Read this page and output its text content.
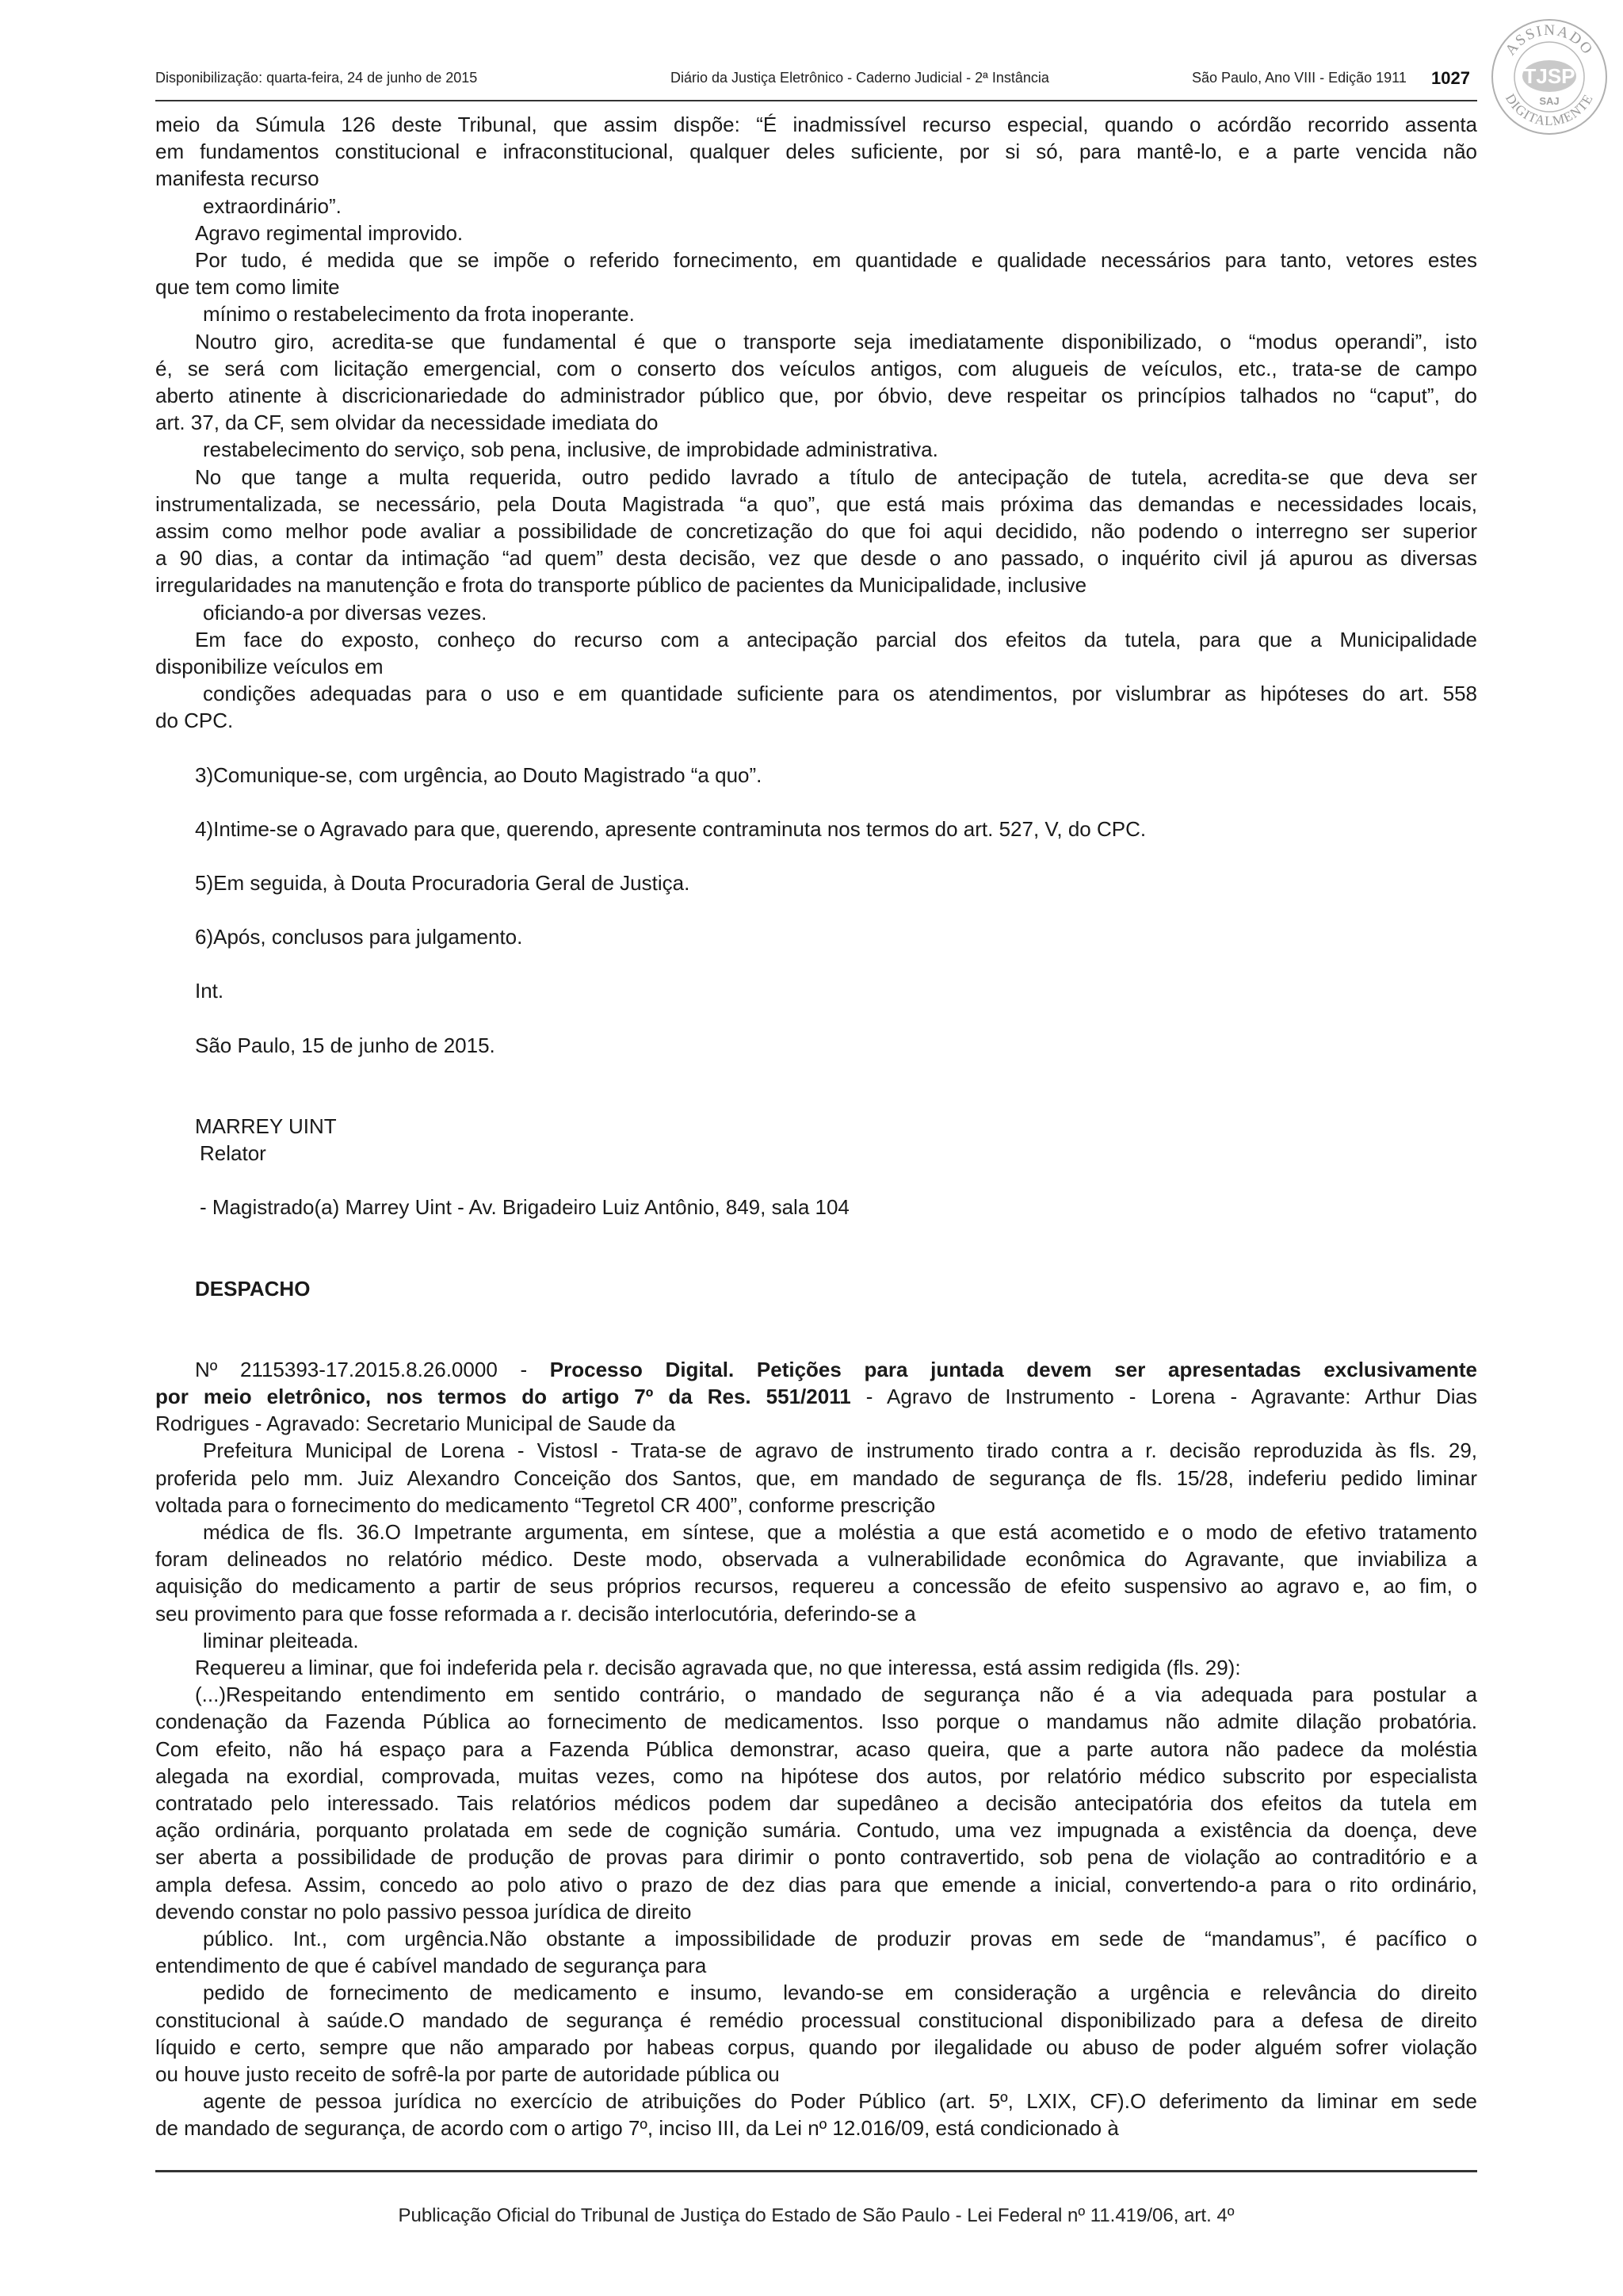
Disponibilização: quarta-feira, 24 de junho de 2015	Diário da Justiça Eletrônico - Caderno Judicial - 2ª Instância	São Paulo, Ano VIII - Edição 1911 1027
ASSINADO
DIGITALMENTE
TJSP
SAJ

meio da Súmula 126 deste Tribunal, que assim dispõe: “É inadmissível recurso especial, quando o acórdão recorrido assenta

em fundamentos constitucional e infraconstitucional, qualquer deles suficiente, por si só, para mantê-lo, e a parte vencida não

manifesta recurso

extraordinário”.

Agravo regimental improvido.

Por tudo, é medida que se impõe o referido fornecimento, em quantidade e qualidade necessários para tanto, vetores estes

que tem como limite

mínimo o restabelecimento da frota inoperante.

Noutro giro, acredita-se que fundamental é que o transporte seja imediatamente disponibilizado, o “modus operandi”, isto

é, se será com licitação emergencial, com o conserto dos veículos antigos, com alugueis de veículos, etc., trata-se de campo

aberto atinente à discricionariedade do administrador público que, por óbvio, deve respeitar os princípios talhados no “caput”, do

art. 37, da CF, sem olvidar da necessidade imediata do

restabelecimento do serviço, sob pena, inclusive, de improbidade administrativa.

No que tange a multa requerida, outro pedido lavrado a título de antecipação de tutela, acredita-se que deva ser

instrumentalizada, se necessário, pela Douta Magistrada “a quo”, que está mais próxima das demandas e necessidades locais,

assim como melhor pode avaliar a possibilidade de concretização do que foi aqui decidido, não podendo o interregno ser superior

a 90 dias, a contar da intimação “ad quem” desta decisão, vez que desde o ano passado, o inquérito civil já apurou as diversas

irregularidades na manutenção e frota do transporte público de pacientes da Municipalidade, inclusive

oficiando-a por diversas vezes.

Em face do exposto, conheço do recurso com a antecipação parcial dos efeitos da tutela, para que a Municipalidade

disponibilize veículos em

condições adequadas para o uso e em quantidade suficiente para os atendimentos, por vislumbrar as hipóteses do art. 558

do CPC.

3)Comunique-se, com urgência, ao Douto Magistrado “a quo”.

4)Intime-se o Agravado para que, querendo, apresente contraminuta nos termos do art. 527, V, do CPC.

5)Em seguida, à Douta Procuradoria Geral de Justiça.

6)Após, conclusos para julgamento.

Int.

São Paulo, 15 de junho de 2015.

MARREY UINT

Relator

- Magistrado(a) Marrey Uint - Av. Brigadeiro Luiz Antônio, 849, sala 104

DESPACHO

Nº 2115393-17.2015.8.26.0000 - Processo Digital. Petições para juntada devem ser apresentadas exclusivamente

por meio eletrônico, nos termos do artigo 7º da Res. 551/2011 - Agravo de Instrumento - Lorena - Agravante: Arthur Dias

Rodrigues - Agravado: Secretario Municipal de Saude da

Prefeitura Municipal de Lorena - VistosI - Trata-se de agravo de instrumento tirado contra a r. decisão reproduzida às fls. 29,

proferida pelo mm. Juiz Alexandro Conceição dos Santos, que, em mandado de segurança de fls. 15/28, indeferiu pedido liminar

voltada para o fornecimento do medicamento “Tegretol CR 400”, conforme prescrição

médica de fls. 36.O Impetrante argumenta, em síntese, que a moléstia a que está acometido e o modo de efetivo tratamento

foram delineados no relatório médico. Deste modo, observada a vulnerabilidade econômica do Agravante, que inviabiliza a

aquisição do medicamento a partir de seus próprios recursos, requereu a concessão de efeito suspensivo ao agravo e, ao fim, o

seu provimento para que fosse reformada a r. decisão interlocutória, deferindo-se a

liminar pleiteada.

Requereu a liminar, que foi indeferida pela r. decisão agravada que, no que interessa, está assim redigida (fls. 29):

(...)Respeitando entendimento em sentido contrário, o mandado de segurança não é a via adequada para postular a

condenação da Fazenda Pública ao fornecimento de medicamentos. Isso porque o mandamus não admite dilação probatória.

Com efeito, não há espaço para a Fazenda Pública demonstrar, acaso queira, que a parte autora não padece da moléstia

alegada na exordial, comprovada, muitas vezes, como na hipótese dos autos, por relatório médico subscrito por especialista

contratado pelo interessado. Tais relatórios médicos podem dar supedâneo a decisão antecipatória dos efeitos da tutela em

ação ordinária, porquanto prolatada em sede de cognição sumária. Contudo, uma vez impugnada a existência da doença, deve

ser aberta a possibilidade de produção de provas para dirimir o ponto contravertido, sob pena de violação ao contraditório e a

ampla defesa. Assim, concedo ao polo ativo o prazo de dez dias para que emende a inicial, convertendo-a para o rito ordinário,

devendo constar no polo passivo pessoa jurídica de direito

público. Int., com urgência.Não obstante a impossibilidade de produzir provas em sede de “mandamus”, é pacífico o

entendimento de que é cabível mandado de segurança para

pedido de fornecimento de medicamento e insumo, levando-se em consideração a urgência e relevância do direito

constitucional à saúde.O mandado de segurança é remédio processual constitucional disponibilizado para a defesa de direito

líquido e certo, sempre que não amparado por habeas corpus, quando por ilegalidade ou abuso de poder alguém sofrer violação

ou houve justo receito de sofrê-la por parte de autoridade pública ou

agente de pessoa jurídica no exercício de atribuições do Poder Público (art. 5º, LXIX, CF).O deferimento da liminar em sede

de mandado de segurança, de acordo com o artigo 7º, inciso III, da Lei nº 12.016/09, está condicionado à

Publicação Oficial do Tribunal de Justiça do Estado de São Paulo - Lei Federal nº 11.419/06, art. 4º
